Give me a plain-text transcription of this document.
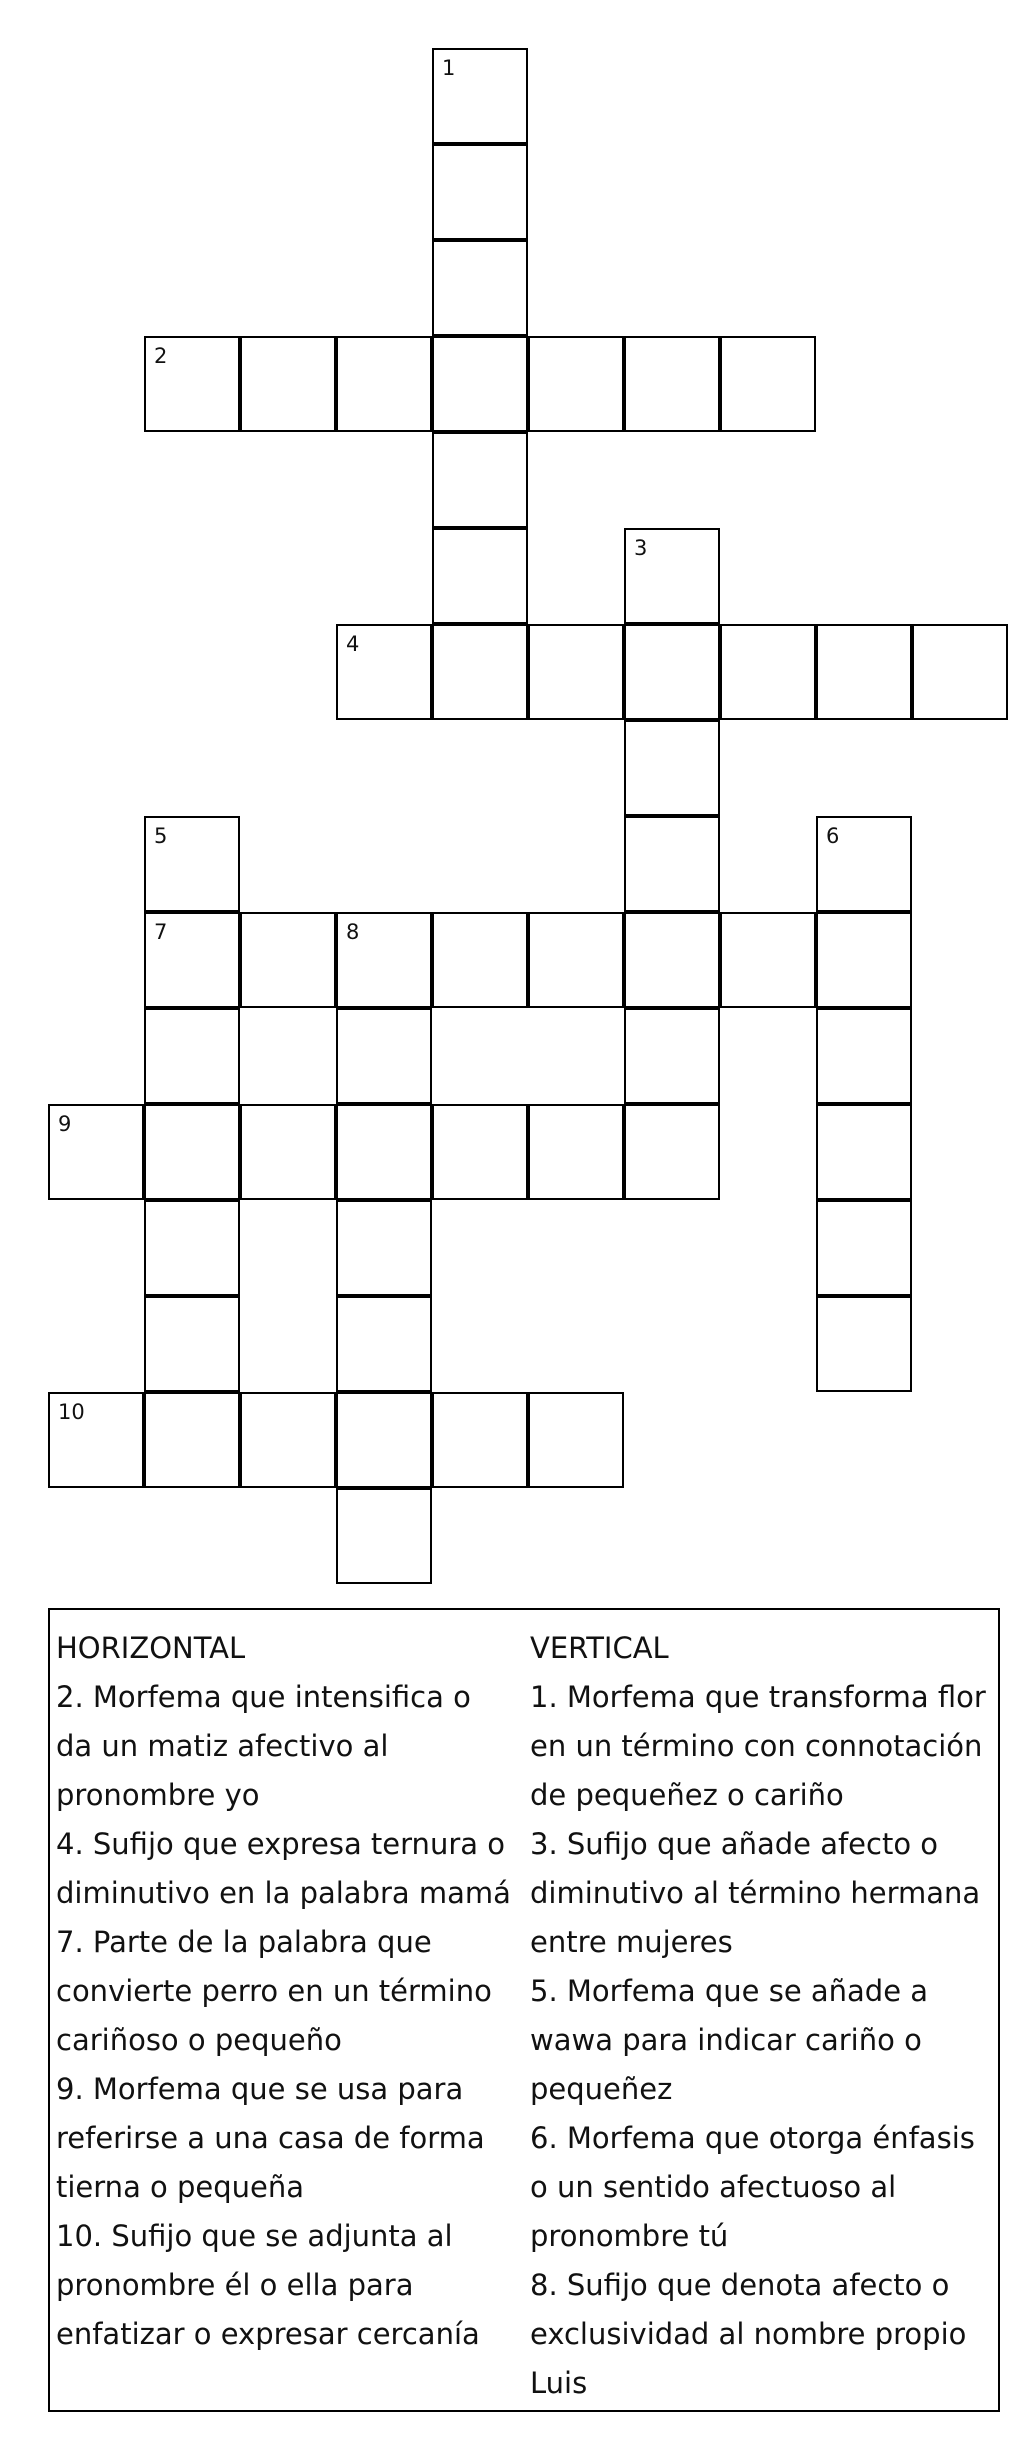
1
2
3
4
5
7
6
8
9
10

HORIZONTAL

2. Morfema que intensifica o da un matiz afectivo al pronombre yo

4. Sufijo que expresa ternura o diminutivo en la palabra mamá

7. Parte de la palabra que convierte perro en un término cariñoso o pequeño

9. Morfema que se usa para referirse a una casa de forma tierna o pequeña

10. Sufijo que se adjunta al pronombre él o ella para enfatizar o expresar cercanía

VERTICAL

1. Morfema que transforma flor en un término con connotación de pequeñez o cariño

3. Sufijo que añade afecto o diminutivo al término hermana entre mujeres

5. Morfema que se añade a wawa para indicar cariño o pequeñez

6. Morfema que otorga énfasis o un sentido afectuoso al pronombre tú

8. Sufijo que denota afecto o exclusividad al nombre propio Luis
